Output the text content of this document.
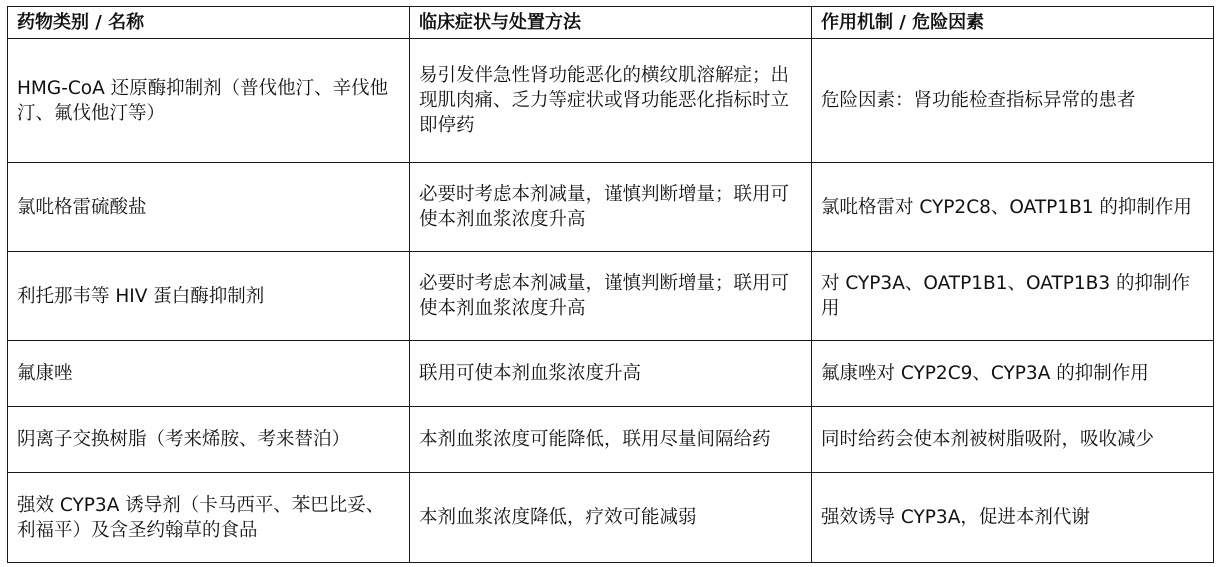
药物类别 / 名称	临床症状与处置方法	作用机制 / 危险因素
HMG-CoA 还原酶抑制剂（普伐他汀、辛伐他汀、氟伐他汀等）	易引发伴急性肾功能恶化的横纹肌溶解症；出现肌肉痛、乏力等症状或肾功能恶化指标时立即停药	危险因素：肾功能检查指标异常的患者
氯吡格雷硫酸盐	必要时考虑本剂减量，谨慎判断增量；联用可使本剂血浆浓度升高	氯吡格雷对 CYP2C8、OATP1B1 的抑制作用
利托那韦等 HIV 蛋白酶抑制剂	必要时考虑本剂减量，谨慎判断增量；联用可使本剂血浆浓度升高	对 CYP3A、OATP1B1、OATP1B3 的抑制作用
氟康唑	联用可使本剂血浆浓度升高	氟康唑对 CYP2C9、CYP3A 的抑制作用
阴离子交换树脂（考来烯胺、考来替泊）	本剂血浆浓度可能降低，联用尽量间隔给药	同时给药会使本剂被树脂吸附，吸收减少
强效 CYP3A 诱导剂（卡马西平、苯巴比妥、利福平）及含圣约翰草的食品	本剂血浆浓度降低，疗效可能减弱	强效诱导 CYP3A，促进本剂代谢
